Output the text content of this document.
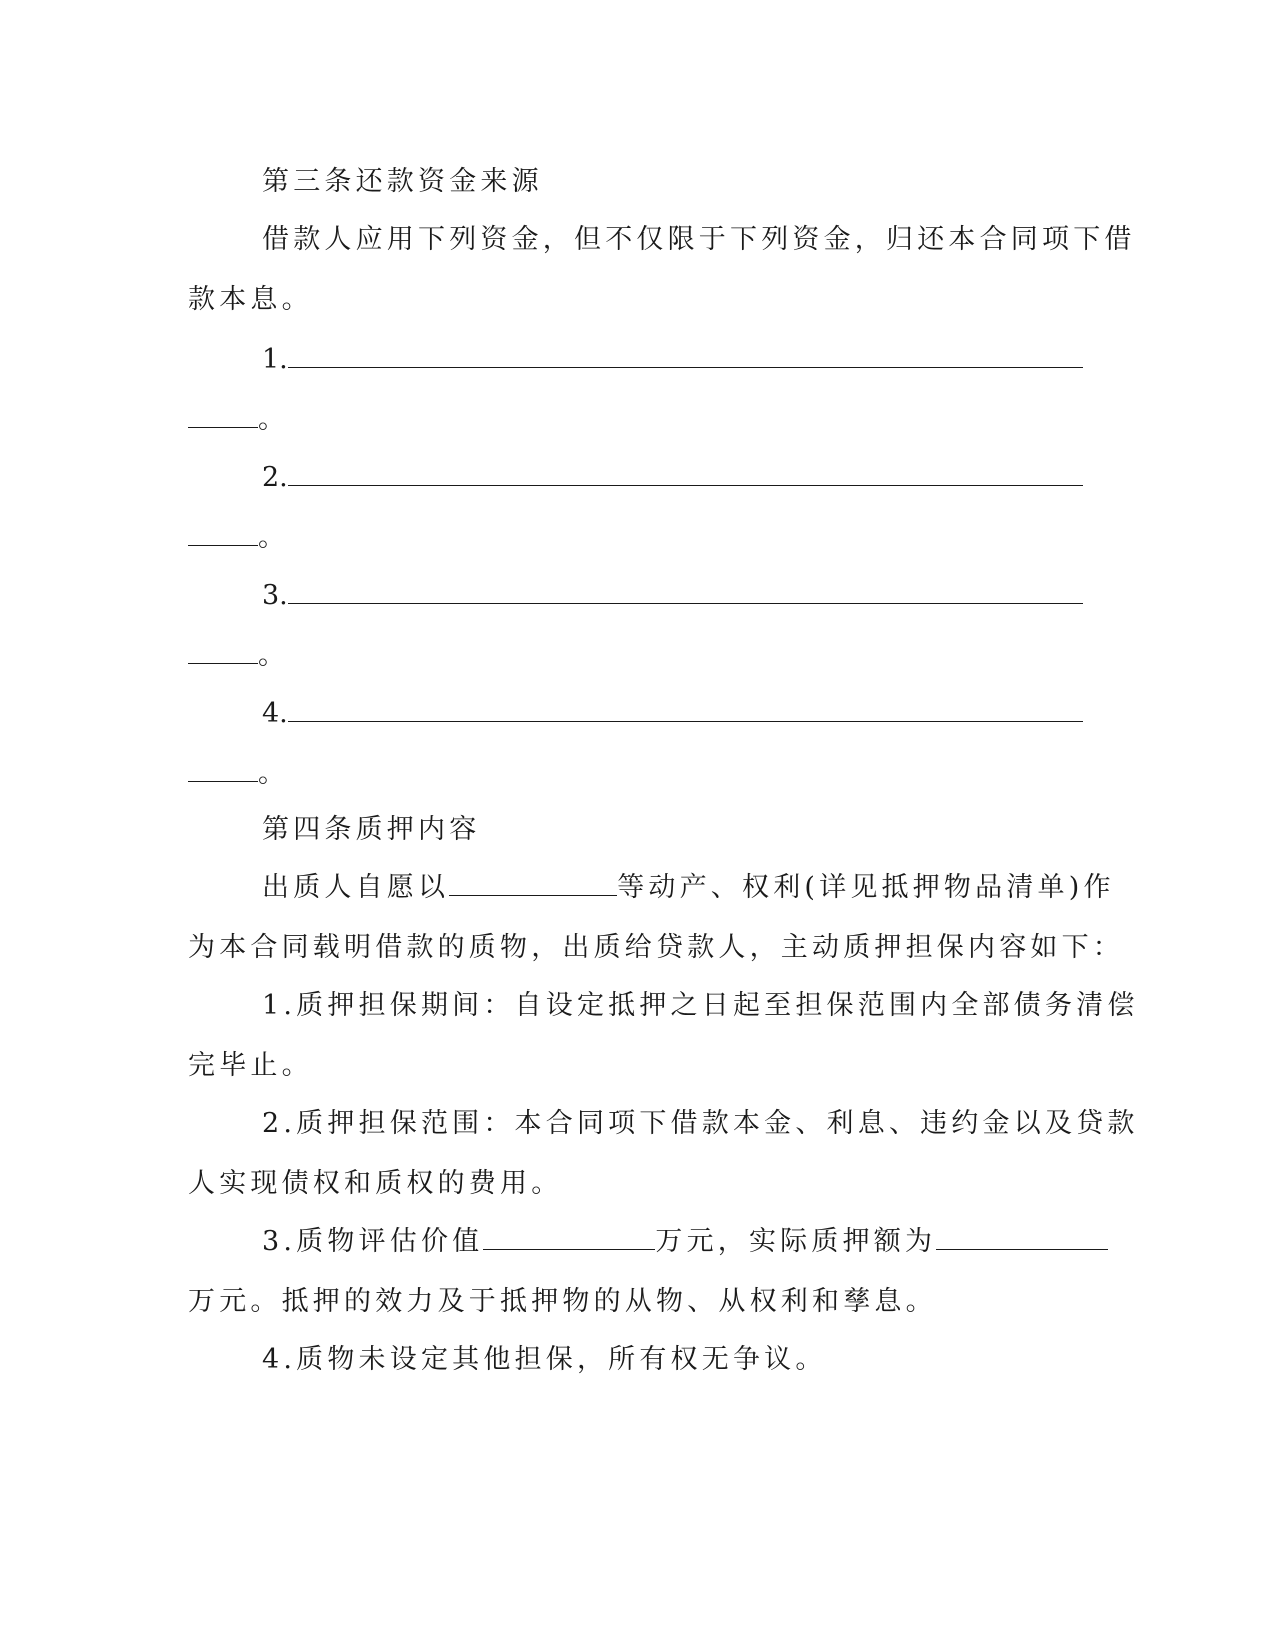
第三条还款资金来源
借款人应用下列资金，但不仅限于下列资金，归还本合同项下借
款本息。
1.
。
2.
。
3.
。
4.
。
第四条质押内容
出质人自愿以	等动产、权利(详见抵押物品清单)作
为本合同载明借款的质物，出质给贷款人，主动质押担保内容如下：
1.质押担保期间：自设定抵押之日起至担保范围内全部债务清偿
完毕止。
2.质押担保范围：本合同项下借款本金、利息、违约金以及贷款
人实现债权和质权的费用。
3.质物评估价值	万元，实际质押额为
万元。抵押的效力及于抵押物的从物、从权利和孳息。
4.质物未设定其他担保，所有权无争议。
